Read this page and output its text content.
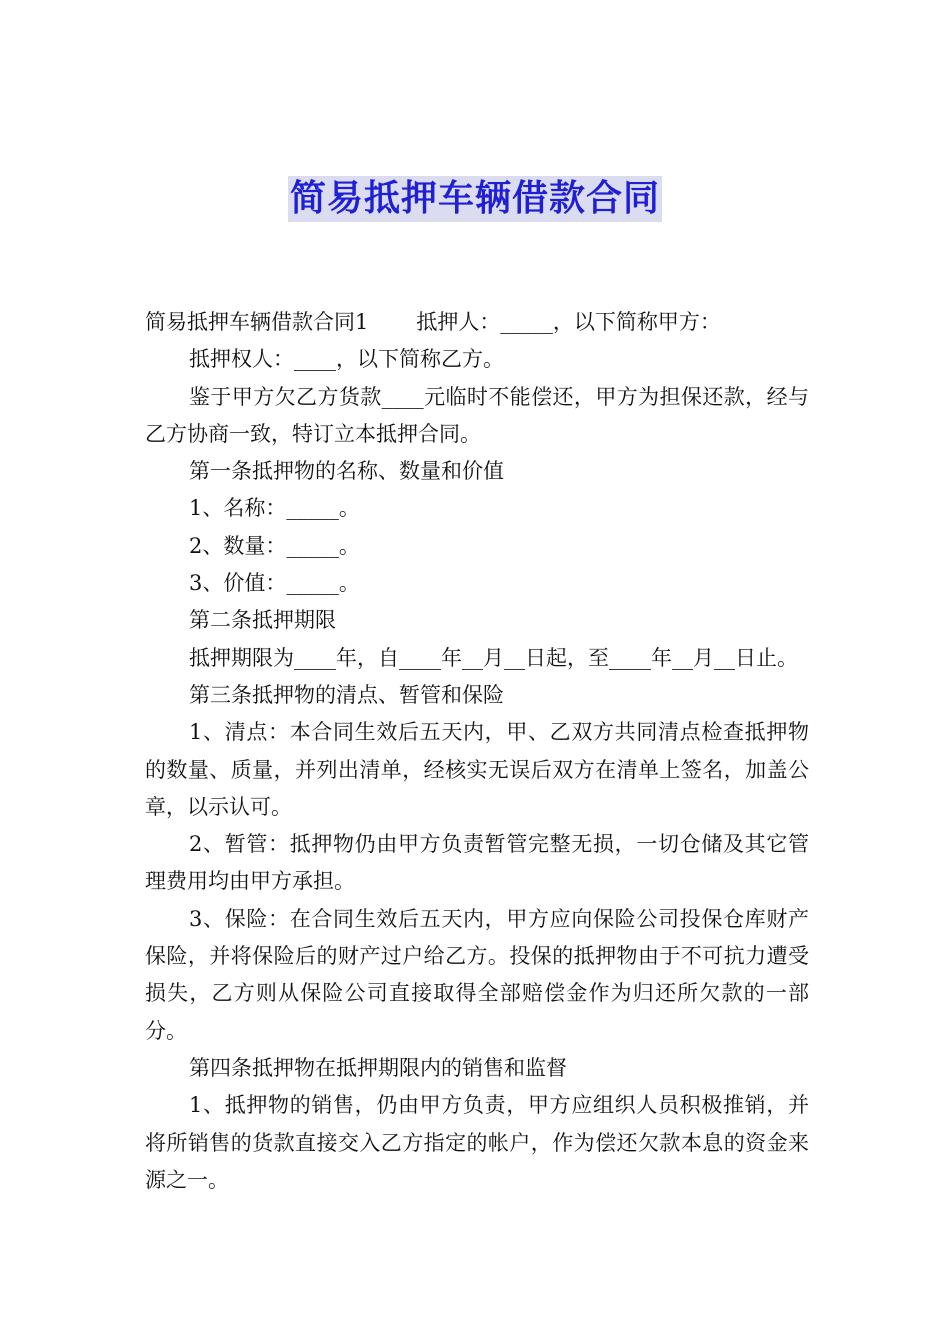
简易抵押车辆借款合同

简易抵押车辆借款合同1 抵押人：_____，以下简称甲方：

抵押权人：____，以下简称乙方。

鉴于甲方欠乙方货款____元临时不能偿还，甲方为担保还款，经与乙方协商一致，特订立本抵押合同。

第一条抵押物的名称、数量和价值

1、名称：_____。

2、数量：_____。

3、价值：_____。

第二条抵押期限

抵押期限为____年，自____年__月__日起，至____年__月__日止。

第三条抵押物的清点、暂管和保险

1、清点：本合同生效后五天内，甲、乙双方共同清点检查抵押物的数量、质量，并列出清单，经核实无误后双方在清单上签名，加盖公章，以示认可。

2、暂管：抵押物仍由甲方负责暂管完整无损，一切仓储及其它管理费用均由甲方承担。

3、保险：在合同生效后五天内，甲方应向保险公司投保仓库财产保险，并将保险后的财产过户给乙方。投保的抵押物由于不可抗力遭受损失，乙方则从保险公司直接取得全部赔偿金作为归还所欠款的一部分。

第四条抵押物在抵押期限内的销售和监督

1、抵押物的销售，仍由甲方负责，甲方应组织人员积极推销，并将所销售的货款直接交入乙方指定的帐户，作为偿还欠款本息的资金来源之一。
